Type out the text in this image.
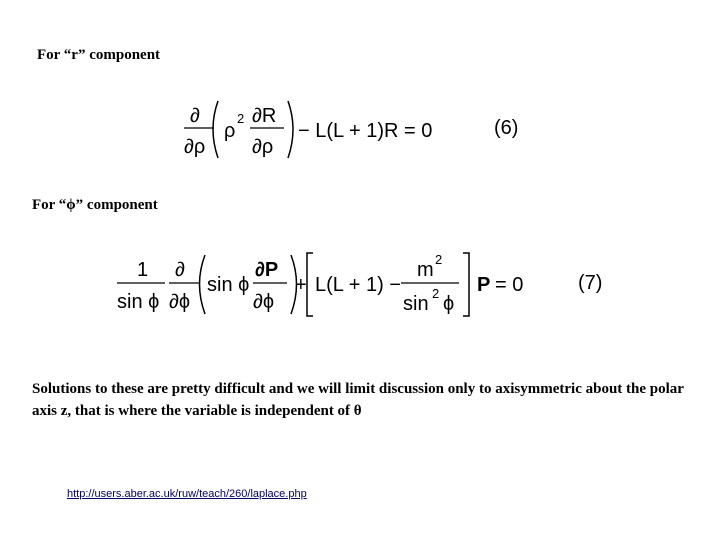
For “r” component
∂
∂ρ
ρ
2 ∂R
∂ρ
− L(L + 1)R = 0	(6)
For “ϕ” component
1
sin ϕ
∂
∂ϕ
sin ϕ
∂P
∂ϕ
+ L(L + 1) −
m 2
sin 2 ϕ
P = 0	(7)
Solutions to these are pretty difficult and we will limit discussion only to axisymmetric about the polar axis z, that is where the variable is independent of θ
http://users.aber.ac.uk/ruw/teach/260/laplace.php
